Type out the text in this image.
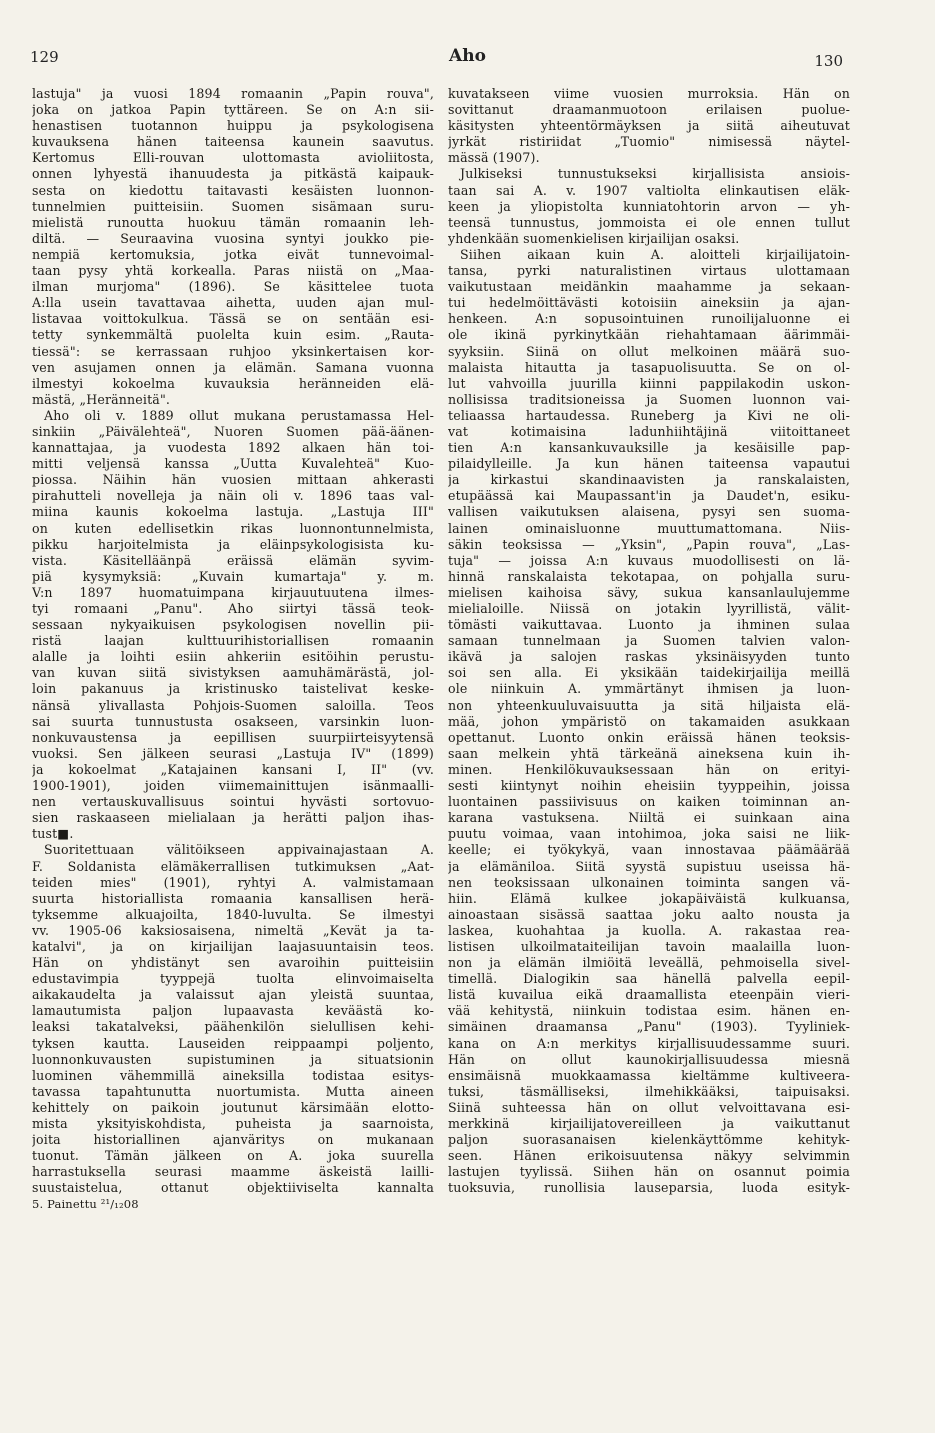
129	Aho	130
lastuja" ja vuosi 1894 romaanin „Papin rouva",
joka on jatkoa Papin tyttäreen. Se on A:n sii-
henastisen tuotannon huippu ja psykologisena
kuvauksena hänen taiteensa kaunein saavutus.
Kertomus Elli-rouvan ulottomasta avioliitosta,
onnen lyhyestä ihanuudesta ja pitkästä kaipauk-
sesta on kiedottu taitavasti kesäisten luonnon-
tunnelmien puitteisiin. Suomen sisämaan suru-
mielistä runoutta huokuu tämän romaanin leh-
diltä. — Seuraavina vuosina syntyi joukko pie-
nempiä kertomuksia, jotka eivät tunnevoimal-
taan pysy yhtä korkealla. Paras niistä on „Maa-
ilman murjoma" (1896). Se käsittelee tuota
A:lla usein tavattavaa aihetta, uuden ajan mul-
listavaa voittokulkua. Tässä se on sentään esi-
tetty synkemmältä puolelta kuin esim. „Rauta-
tiessä": se kerrassaan ruhjoo yksinkertaisen kor-
ven asujamen onnen ja elämän. Samana vuonna
ilmestyi kokoelma kuvauksia heränneiden elä-
mästä, „Heränneitä".
Aho oli v. 1889 ollut mukana perustamassa Hel-
sinkiin „Päivälehteä", Nuoren Suomen pää-äänen-
kannattajaa, ja vuodesta 1892 alkaen hän toi-
mitti veljensä kanssa „Uutta Kuvalehteä" Kuo-
piossa. Näihin hän vuosien mittaan ahkerasti
pirahutteli novelleja ja näin oli v. 1896 taas val-
miina kaunis kokoelma lastuja. „Lastuja III"
on kuten edellisetkin rikas luonnontunnelmista,
pikku harjoitelmista ja eläinpsykologisista ku-
vista. Käsitelläänpä eräissä elämän syvim-
piä kysymyksiä: „Kuvain kumartaja" y. m.
V:n 1897 huomatuimpana kirjauutuutena ilmes-
tyi romaani „Panu". Aho siirtyi tässä teok-
sessaan nykyaikuisen psykologisen novellin pii-
ristä laajan kulttuurihistoriallisen romaanin
alalle ja loihti esiin ahkeriin esitöihin perustu-
van kuvan siitä sivistyksen aamuhämärästä, jol-
loin pakanuus ja kristinusko taistelivat keske-
nänsä ylivallasta Pohjois-Suomen saloilla. Teos
sai suurta tunnustusta osakseen, varsinkin luon-
nonkuvaustensa ja eepillisen suurpiirteisyytensä
vuoksi. Sen jälkeen seurasi „Lastuja IV" (1899)
ja kokoelmat „Katajainen kansani I, II" (vv.
1900-1901), joiden viimemainittujen isänmaalli-
nen vertauskuvallisuus sointui hyvästi sortovuo-
sien raskaaseen mielialaan ja herätti paljon ihas-
tust■.
Suoritettuaan välitöikseen appivainajastaan A.
F. Soldanista elämäkerrallisen tutkimuksen „Aat-
teiden mies" (1901), ryhtyi A. valmistamaan
suurta historiallista romaania kansallisen herä-
tyksemme alkuajoilta, 1840-luvulta. Se ilmestyi
vv. 1905-06 kaksiosaisena, nimeltä „Kevät ja ta-
katalvi", ja on kirjailijan laajasuuntaisin teos.
Hän on yhdistänyt sen avaroihin puitteisiin
edustavimpia tyyppejä tuolta elinvoimaiselta
aikakaudelta ja valaissut ajan yleistä suuntaa,
lamautumista paljon lupaavasta keväästä ko-
leaksi takatalveksi, päähenkilön sielullisen kehi-
tyksen kautta. Lauseiden reippaampi poljento,
luonnonkuvausten supistuminen ja situatsionin
luominen vähemmillä aineksilla todistaa esitys-
tavassa tapahtunutta nuortumista. Mutta aineen
kehittely on paikoin joutunut kärsimään elotto-
mista yksityiskohdista, puheista ja saarnoista,
joita historiallinen ajanväritys on mukanaan
tuonut. Tämän jälkeen on A. joka suurella
harrastuksella seurasi maamme äskeistä lailli-
suustaistelua, ottanut objektiiviselta kannalta
5. Painettu ²¹/₁₂08
kuvatakseen viime vuosien murroksia. Hän on
sovittanut draamanmuotoon erilaisen puolue-
käsitysten yhteentörmäyksen ja siitä aiheutuvat
jyrkät ristiriidat „Tuomio" nimisessä näytel-
mässä (1907).
Julkiseksi tunnustukseksi kirjallisista ansiois-
taan sai A. v. 1907 valtiolta elinkautisen eläk-
keen ja yliopistolta kunniatohtorin arvon — yh-
teensä tunnustus, jommoista ei ole ennen tullut
yhdenkään suomenkielisen kirjailijan osaksi.
Siihen aikaan kuin A. aloitteli kirjailijatoin-
tansa, pyrki naturalistinen virtaus ulottamaan
vaikutustaan meidänkin maahamme ja sekaan-
tui hedelmöittävästi kotoisiin aineksiin ja ajan-
henkeen. A:n sopusointuinen runoilijaluonne ei
ole ikinä pyrkinytkään riehahtamaan äärimmäi-
syyksiin. Siinä on ollut melkoinen määrä suo-
malaista hitautta ja tasapuolisuutta. Se on ol-
lut vahvoilla juurilla kiinni pappilakodin uskon-
nollisissa traditsioneissa ja Suomen luonnon vai-
teliaassa hartaudessa. Runeberg ja Kivi ne oli-
vat kotimaisina ladunhiihtäjinä viitoittaneet
tien A:n kansankuvauksille ja kesäisille pap-
pilaidylleille. Ja kun hänen taiteensa vapautui
ja kirkastui skandinaavisten ja ranskalaisten,
etupäässä kai Maupassant'in ja Daudet'n, esiku-
vallisen vaikutuksen alaisena, pysyi sen suoma-
lainen ominaisluonne muuttumattomana. Niis-
säkin teoksissa — „Yksin", „Papin rouva", „Las-
tuja" — joissa A:n kuvaus muodollisesti on lä-
hinnä ranskalaista tekotapaa, on pohjalla suru-
mielisen kaihoisa sävy, sukua kansanlaulujemme
mielialoille. Niissä on jotakin lyyrillistä, välit-
tömästi vaikuttavaa. Luonto ja ihminen sulaa
samaan tunnelmaan ja Suomen talvien valon-
ikävä ja salojen raskas yksinäisyyden tunto
soi sen alla. Ei yksikään taidekirjailija meillä
ole niinkuin A. ymmärtänyt ihmisen ja luon-
non yhteenkuuluvaisuutta ja sitä hiljaista elä-
mää, johon ympäristö on takamaiden asukkaan
opettanut. Luonto onkin eräissä hänen teoksis-
saan melkein yhtä tärkeänä aineksena kuin ih-
minen. Henkilökuvauksessaan hän on erityi-
sesti kiintynyt noihin eheisiin tyyppeihin, joissa
luontainen passiivisuus on kaiken toiminnan an-
karana vastuksena. Niiltä ei suinkaan aina
puutu voimaa, vaan intohimoa, joka saisi ne liik-
keelle; ei työkykyä, vaan innostavaa päämäärää
ja elämäniloa. Siitä syystä supistuu useissa hä-
nen teoksissaan ulkonainen toiminta sangen vä-
hiin. Elämä kulkee jokapäiväistä kulkuansa,
ainoastaan sisässä saattaa joku aalto nousta ja
laskea, kuohahtaa ja kuolla. A. rakastaa rea-
listisen ulkoilmataiteilijan tavoin maalailla luon-
non ja elämän ilmiöitä leveällä, pehmoisella sivel-
timellä. Dialogikin saa hänellä palvella eepil-
listä kuvailua eikä draamallista eteenpäin vieri-
vää kehitystä, niinkuin todistaa esim. hänen en-
simäinen draamansa „Panu" (1903). Tyyliniek-
kana on A:n merkitys kirjallisuudessamme suuri.
Hän on ollut kaunokirjallisuudessa miesnä
ensimäisnä muokkaamassa kieltämme kultiveera-
tuksi, täsmälliseksi, ilmehikkääksi, taipuisaksi.
Siinä suhteessa hän on ollut velvoittavana esi-
merkkinä kirjailijatovereilleen ja vaikuttanut
paljon suorasanaisen kielenkäyttömme kehityk-
seen. Hänen erikoisuutensa näkyy selvimmin
lastujen tyylissä. Siihen hän on osannut poimia
tuoksuvia, runollisia lauseparsia, luoda esityk-
